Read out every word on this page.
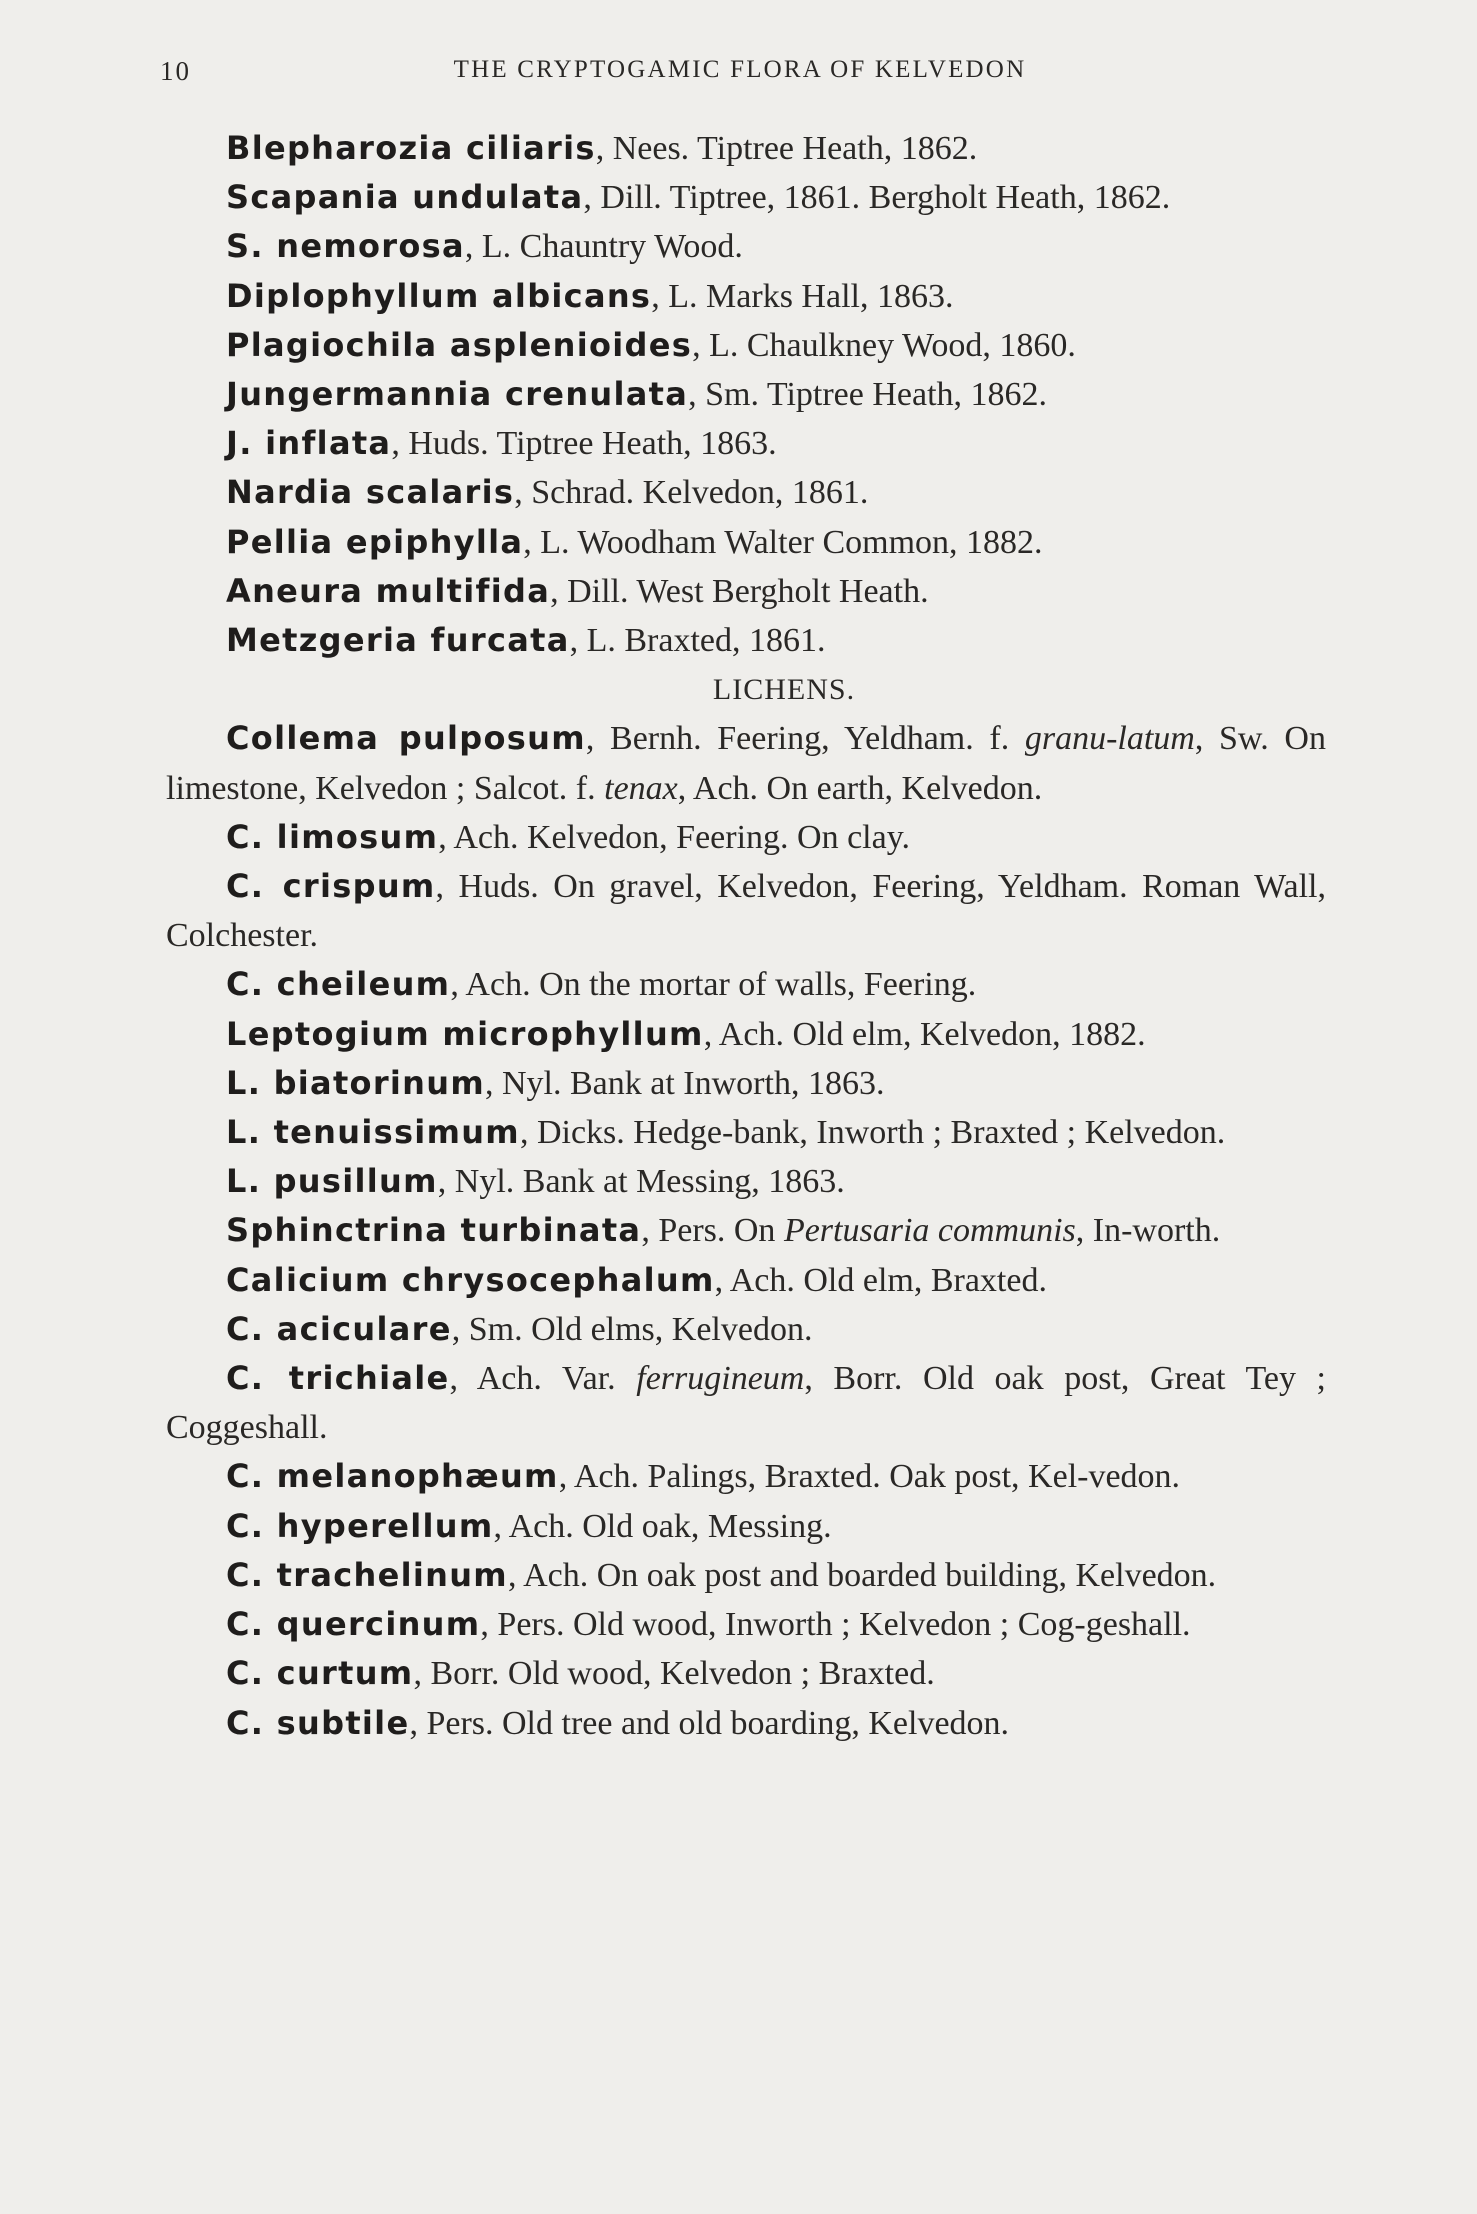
10	THE CRYPTOGAMIC FLORA OF KELVEDON

Blepharozia ciliaris, Nees. Tiptree Heath, 1862.

Scapania undulata, Dill. Tiptree, 1861. Bergholt Heath, 1862.

S. nemorosa, L. Chauntry Wood.

Diplophyllum albicans, L. Marks Hall, 1863.

Plagiochila asplenioides, L. Chaulkney Wood, 1860.

Jungermannia crenulata, Sm. Tiptree Heath, 1862.

J. inflata, Huds. Tiptree Heath, 1863.

Nardia scalaris, Schrad. Kelvedon, 1861.

Pellia epiphylla, L. Woodham Walter Common, 1882.

Aneura multifida, Dill. West Bergholt Heath.

Metzgeria furcata, L. Braxted, 1861.

LICHENS.

Collema pulposum, Bernh. Feering, Yeldham. f. granu-latum, Sw. On limestone, Kelvedon ; Salcot. f. tenax, Ach. On earth, Kelvedon.

C. limosum, Ach. Kelvedon, Feering. On clay.

C. crispum, Huds. On gravel, Kelvedon, Feering, Yeldham. Roman Wall, Colchester.

C. cheileum, Ach. On the mortar of walls, Feering.

Leptogium microphyllum, Ach. Old elm, Kelvedon, 1882.

L. biatorinum, Nyl. Bank at Inworth, 1863.

L. tenuissimum, Dicks. Hedge-bank, Inworth ; Braxted ; Kelvedon.

L. pusillum, Nyl. Bank at Messing, 1863.

Sphinctrina turbinata, Pers. On Pertusaria communis, In-worth.

Calicium chrysocephalum, Ach. Old elm, Braxted.

C. aciculare, Sm. Old elms, Kelvedon.

C. trichiale, Ach. Var. ferrugineum, Borr. Old oak post, Great Tey ; Coggeshall.

C. melanophæum, Ach. Palings, Braxted. Oak post, Kel-vedon.

C. hyperellum, Ach. Old oak, Messing.

C. trachelinum, Ach. On oak post and boarded building, Kelvedon.

C. quercinum, Pers. Old wood, Inworth ; Kelvedon ; Cog-geshall.

C. curtum, Borr. Old wood, Kelvedon ; Braxted.

C. subtile, Pers. Old tree and old boarding, Kelvedon.
